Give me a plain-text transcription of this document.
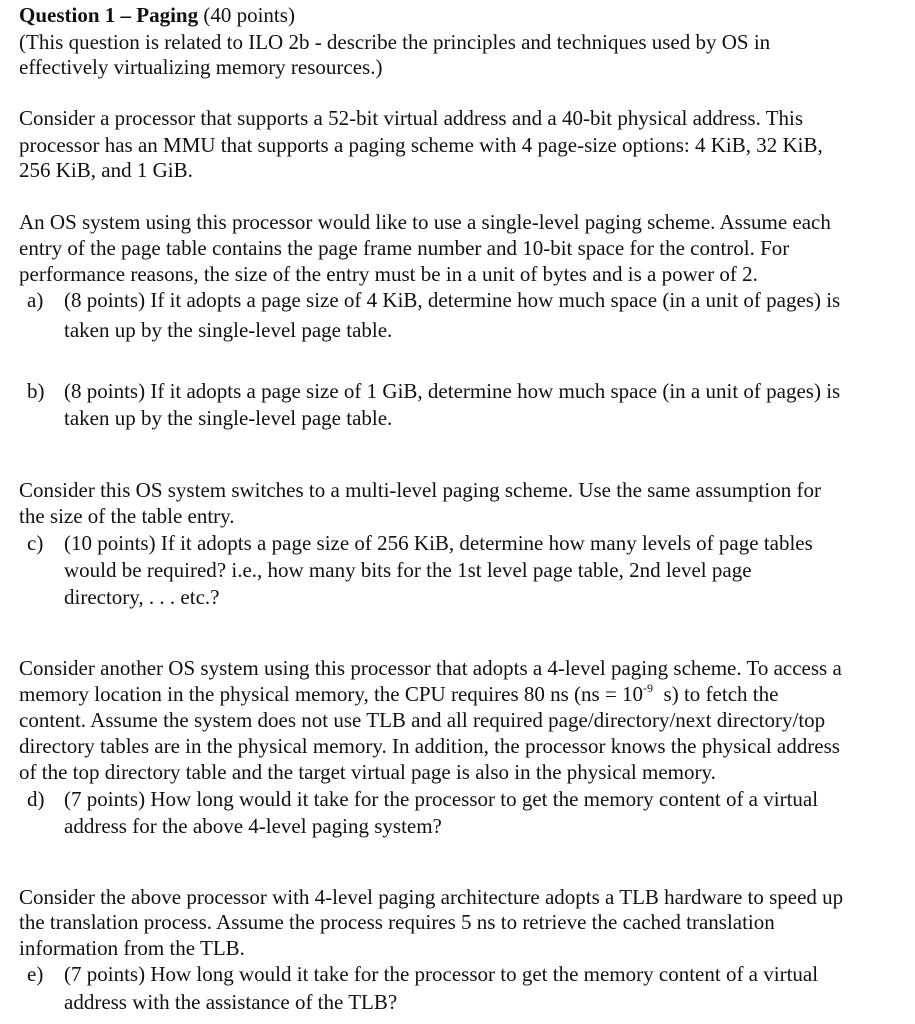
Question 1 – Paging (40 points)
(This question is related to ILO 2b - describe the principles and techniques used by OS in
effectively virtualizing memory resources.)
Consider a processor that supports a 52-bit virtual address and a 40-bit physical address. This
processor has an MMU that supports a paging scheme with 4 page-size options: 4 KiB, 32 KiB,
256 KiB, and 1 GiB.
An OS system using this processor would like to use a single-level paging scheme. Assume each
entry of the page table contains the page frame number and 10-bit space for the control. For
performance reasons, the size of the entry must be in a unit of bytes and is a power of 2.
a) (8 points) If it adopts a page size of 4 KiB, determine how much space (in a unit of pages) is
taken up by the single-level page table.
b) (8 points) If it adopts a page size of 1 GiB, determine how much space (in a unit of pages) is
taken up by the single-level page table.
Consider this OS system switches to a multi-level paging scheme. Use the same assumption for
the size of the table entry.
c) (10 points) If it adopts a page size of 256 KiB, determine how many levels of page tables
would be required? i.e., how many bits for the 1st level page table, 2nd level page
directory, . . . etc.?
Consider another OS system using this processor that adopts a 4-level paging scheme. To access a
memory location in the physical memory, the CPU requires 80 ns ($ns = 10^{-9}$  s) to fetch the
content. Assume the system does not use TLB and all required page/directory/next directory/top
directory tables are in the physical memory. In addition, the processor knows the physical address
of the top directory table and the target virtual page is also in the physical memory.
d) (7 points) How long would it take for the processor to get the memory content of a virtual
address for the above 4-level paging system?
Consider the above processor with 4-level paging architecture adopts a TLB hardware to speed up
the translation process. Assume the process requires 5 ns to retrieve the cached translation
information from the TLB.
e) (7 points) How long would it take for the processor to get the memory content of a virtual
address with the assistance of the TLB?
